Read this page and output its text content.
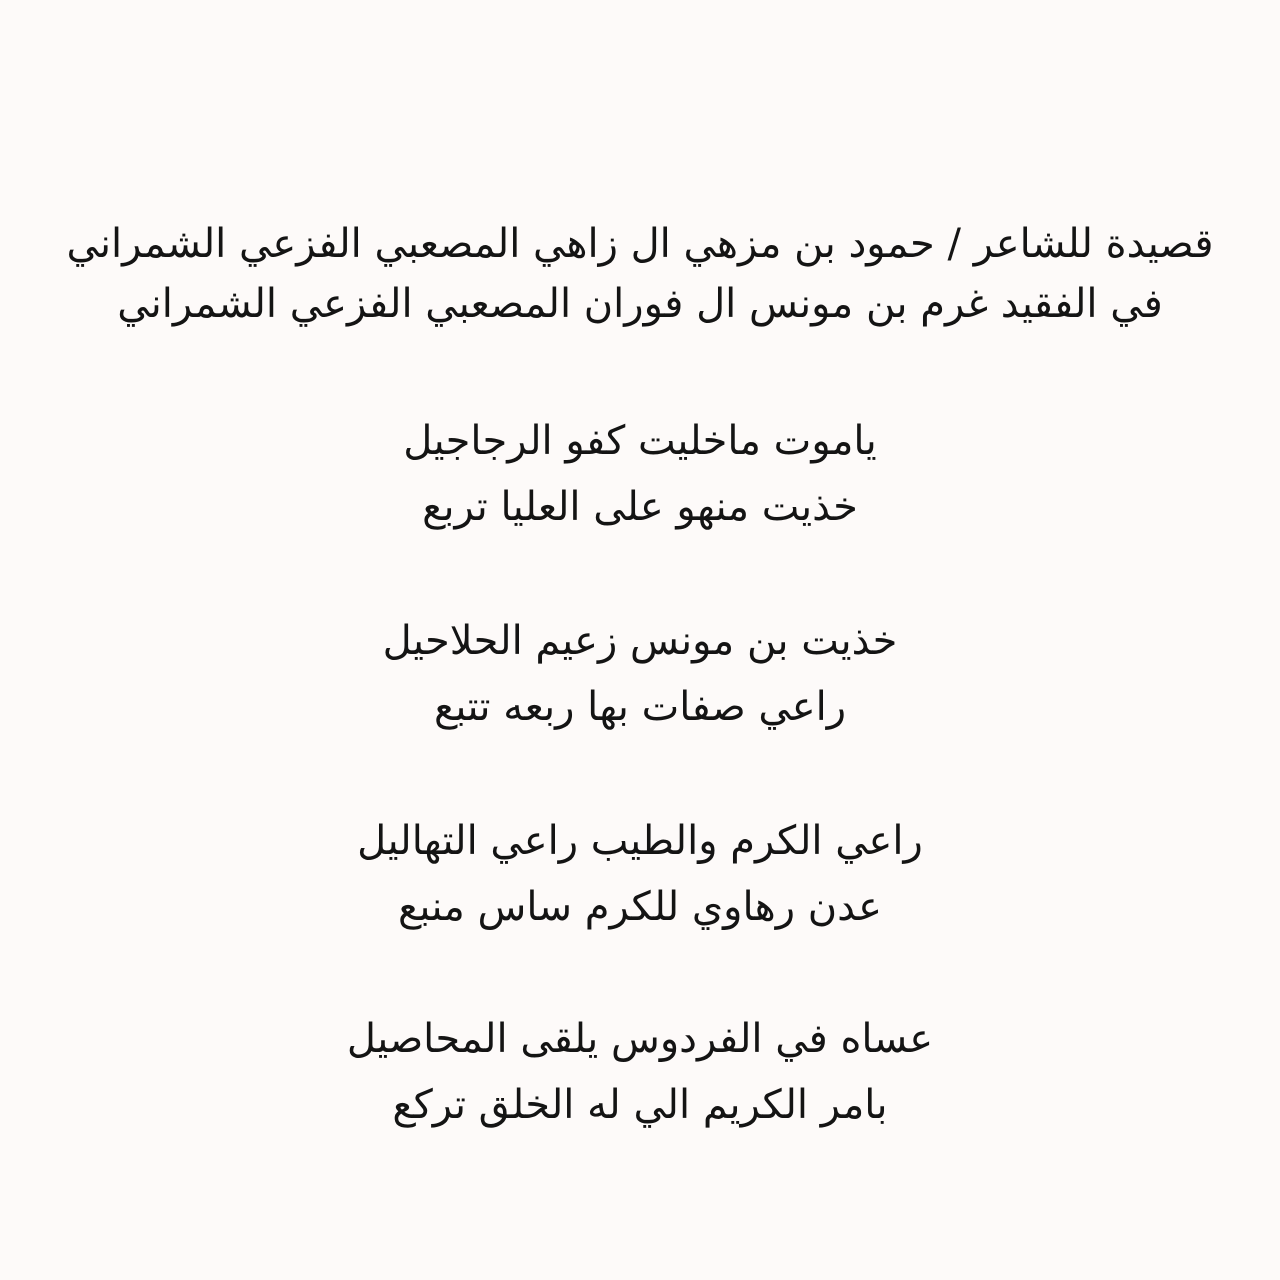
قصيدة للشاعر / حمود بن مزهي ال زاهي المصعبي الفزعي الشمراني
في الفقيد غرم بن مونس ال فوران المصعبي الفزعي الشمراني
ياموت ماخليت كفو الرجاجيل
خذيت منهو على العليا تربع
خذيت بن مونس زعيم الحلاحيل
راعي صفات بها ربعه تتبع
راعي الكرم والطيب راعي التهاليل
عدن رهاوي للكرم ساس منبع
عساه في الفردوس يلقى المحاصيل
بامر الكريم الي له الخلق تركع
